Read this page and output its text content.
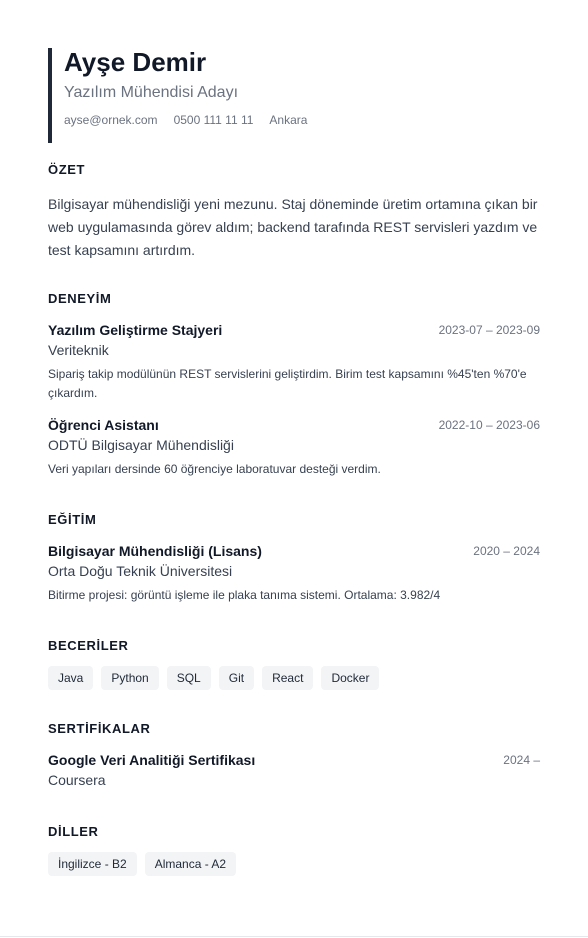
Ayşe Demir
Yazılım Mühendisi Adayı
ayse@ornek.com 0500 111 11 11 Ankara
ÖZET
Bilgisayar mühendisliği yeni mezunu. Staj döneminde üretim ortamına çıkan bir web uygulamasında görev aldım; backend tarafında REST servisleri yazdım ve test kapsamını artırdım.
DENEYİM
Yazılım Geliştirme Stajyeri	2023-07 – 2023-09
Veriteknik
Sipariş takip modülünün REST servislerini geliştirdim. Birim test kapsamını %45'ten %70'e çıkardım.
Öğrenci Asistanı	2022-10 – 2023-06
ODTÜ Bilgisayar Mühendisliği
Veri yapıları dersinde 60 öğrenciye laboratuvar desteği verdim.
EĞİTİM
Bilgisayar Mühendisliği (Lisans)	2020 – 2024
Orta Doğu Teknik Üniversitesi
Bitirme projesi: görüntü işleme ile plaka tanıma sistemi. Ortalama: 3.982/4
BECERİLER
Java	Python	SQL	Git	React	Docker
SERTİFİKALAR
Google Veri Analitiği Sertifikası	2024 –
Coursera
DİLLER
İngilizce - B2	Almanca - A2
